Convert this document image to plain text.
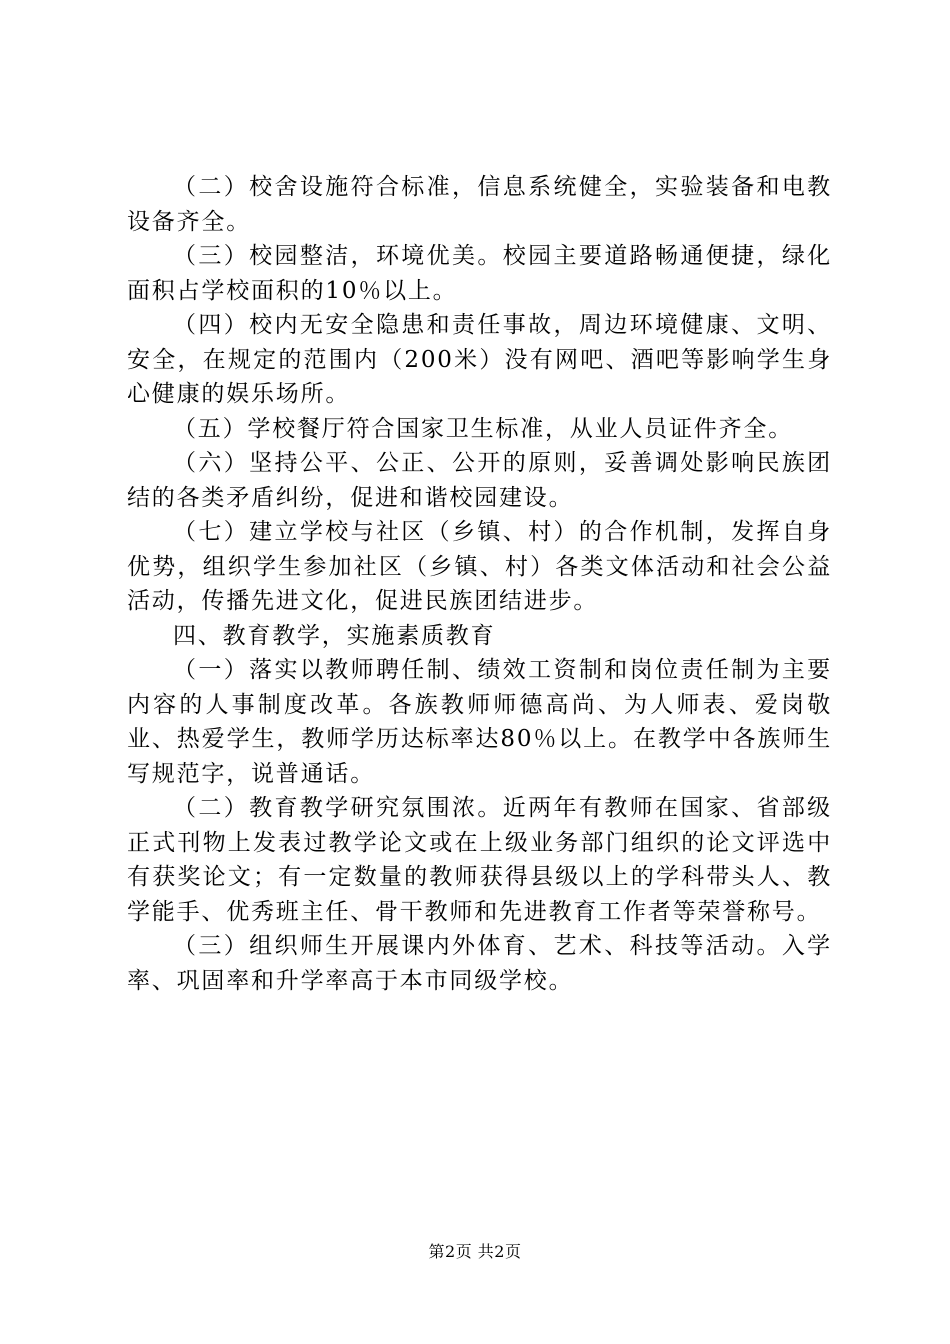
（二）校舍设施符合标准，信息系统健全，实验装备和电教设备齐全。

（三）校园整洁，环境优美。校园主要道路畅通便捷，绿化面积占学校面积的10％以上。

（四）校内无安全隐患和责任事故，周边环境健康、文明、安全，在规定的范围内（200米）没有网吧、酒吧等影响学生身心健康的娱乐场所。

（五）学校餐厅符合国家卫生标准，从业人员证件齐全。

（六）坚持公平、公正、公开的原则，妥善调处影响民族团结的各类矛盾纠纷，促进和谐校园建设。

（七）建立学校与社区（乡镇、村）的合作机制，发挥自身优势，组织学生参加社区（乡镇、村）各类文体活动和社会公益活动，传播先进文化，促进民族团结进步。

四、教育教学，实施素质教育

（一）落实以教师聘任制、绩效工资制和岗位责任制为主要内容的人事制度改革。各族教师师德高尚、为人师表、爱岗敬业、热爱学生，教师学历达标率达80％以上。在教学中各族师生写规范字，说普通话。

（二）教育教学研究氛围浓。近两年有教师在国家、省部级正式刊物上发表过教学论文或在上级业务部门组织的论文评选中有获奖论文；有一定数量的教师获得县级以上的学科带头人、教学能手、优秀班主任、骨干教师和先进教育工作者等荣誉称号。

（三）组织师生开展课内外体育、艺术、科技等活动。入学率、巩固率和升学率高于本市同级学校。

第2页 共2页
